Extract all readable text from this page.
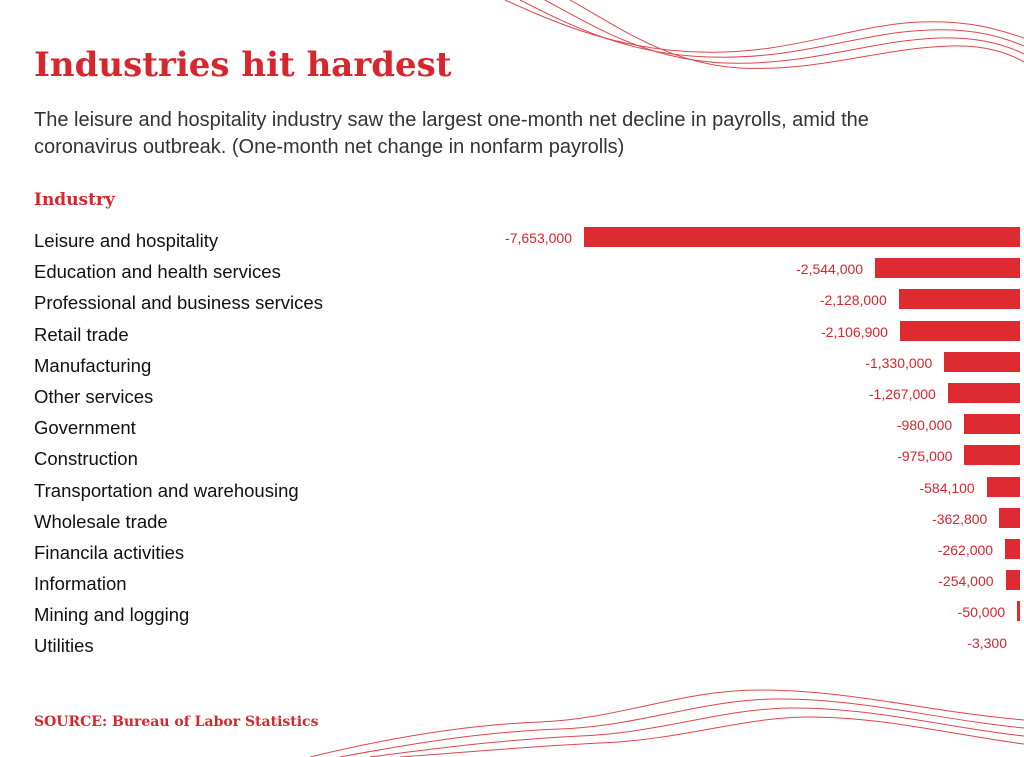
Industries hit hardest

The leisure and hospitality industry saw the largest one-month net decline in payrolls, amid the coronavirus outbreak. (One-month net change in nonfarm payrolls)

Industry
Leisure and hospitality	-7,653,000
Education and health services	-2,544,000
Professional and business services	-2,128,000
Retail trade	-2,106,900
Manufacturing	-1,330,000
Other services	-1,267,000
Government	-980,000
Construction	-975,000
Transportation and warehousing	-584,100
Wholesale trade	-362,800
Financila activities	-262,000
Information	-254,000
Mining and logging	-50,000
Utilities	-3,300
SOURCE: Bureau of Labor Statistics
